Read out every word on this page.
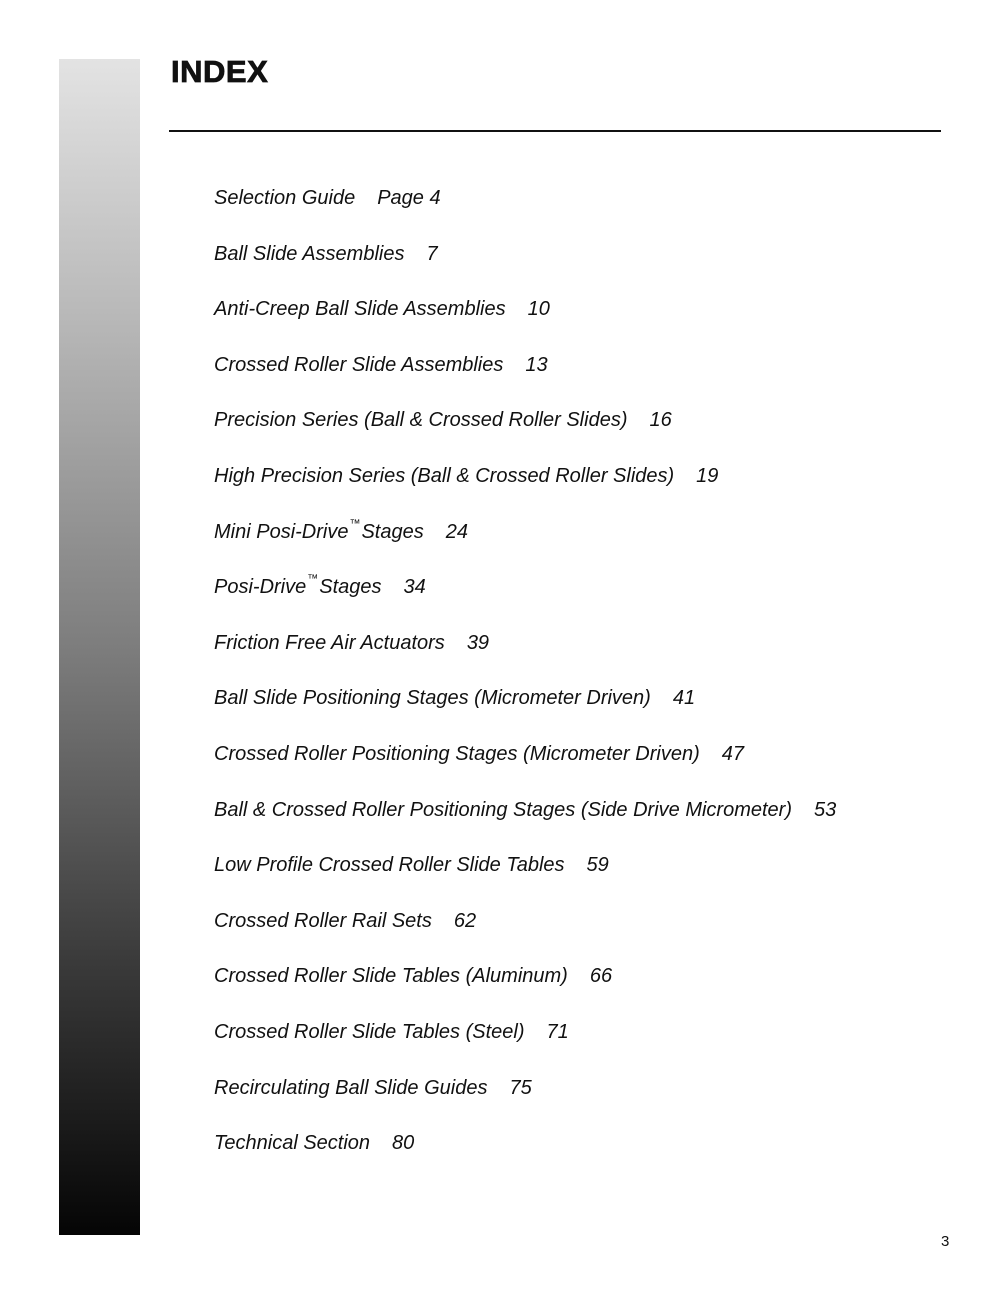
INDEX
Selection Guide Page 4
Ball Slide Assemblies 7
Anti-Creep Ball Slide Assemblies 10
Crossed Roller Slide Assemblies 13
Precision Series (Ball & Crossed Roller Slides) 16
High Precision Series (Ball & Crossed Roller Slides) 19
Mini Posi-Drive™Stages 24
Posi-Drive™Stages 34
Friction Free Air Actuators 39
Ball Slide Positioning Stages (Micrometer Driven) 41
Crossed Roller Positioning Stages (Micrometer Driven) 47
Ball & Crossed Roller Positioning Stages (Side Drive Micrometer) 53
Low Profile Crossed Roller Slide Tables 59
Crossed Roller Rail Sets 62
Crossed Roller Slide Tables (Aluminum) 66
Crossed Roller Slide Tables (Steel) 71
Recirculating Ball Slide Guides 75
Technical Section 80
3
